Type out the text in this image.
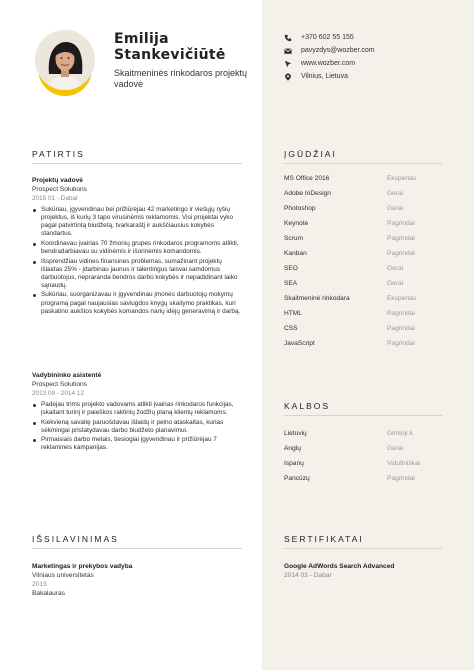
Emilija
Stankevičiūtė
Skaitmeninės rinkodaros projektų vadovė
+370 602 55 155
pavyzdys@wozber.com
www.wozber.com
Vilnius, Lietuva
PATIRTIS
Projektų vadovė
Prospect Solutions
2015 01 - Dabar
Sukūriau, įgyvendinau bei prižiūrėjau 42 marketingo ir viešųjų ryšių projektus, iš kurių 3 tapo virusinėmis reklamomis. Visi projektai vyko pagal patvirtintą biudžetą, tvarkaraštį ir aukščiausius kokybės standartus.
Koordinavau įvairias 70 žmonių grupes rinkodaros programoms atlikti, bendradarbiavau su vidinėmis ir išorinėmis komandomis.
Išsprendžiau vidines finansines problemas, sumažinant projektų išlaidas 25% - įdarbinau jaunus ir talentingus laisvai samdomus darbuotojus, nepraranda bendros darbo kokybės ir nepadidinant laiko sąnaudų.
Sukūriau, suorganizavau ir įgyvendinau įmonės darbuotojų mokymų programą pagal naujausias saviugdos knygų skaitymo praktikas, kuri paskatino aukštos kokybės komandos narių idėjų generavimą ir darbą.
Vadybininko asistentė
Prospect Solutions
2013 09 - 2014 12
Padėjau trims projekto vadovams atlikti įvairias rinkodaros funkcijas, įskaitant turinį ir paieškos raktinių žodžių planą klientų reklamoms.
Kiekvieną savaitę paruošdavau išlaidų ir pelno ataskaitas, kurias sėkmingai pristatydavau darbo biudžeto planavimui.
Pirmaisiais darbo metais, tiesiogiai įgyvendinau ir prižiūrėjau 7 reklamines kampanijas.
ĮGŪDŽIAI
MS Office 2016	Ekspertas
Adobe InDesign	Gerai
Photoshop	Gerai
Keynote	Pagrindai
Scrum	Pagrindai
Kanban	Pagrindai
SEO	Gerai
SEA	Gerai
Skaitmeninė rinkodara	Ekspertas
HTML	Pagrindai
CSS	Pagrindai
JavaScript	Pagrindai
KALBOS
Lietuvių	Gimtoji k.
Anglų	Gerai
Ispanų	Vidutiniškai
Pancūzų	Pagrindai
IŠSILAVINIMAS
Marketingas ir prekybos vadyba
Vilniaus universitetas
2013
Bakalauras
SERTIFIKATAI
Google AdWords Search Advanced
2014 03 - Dabar
